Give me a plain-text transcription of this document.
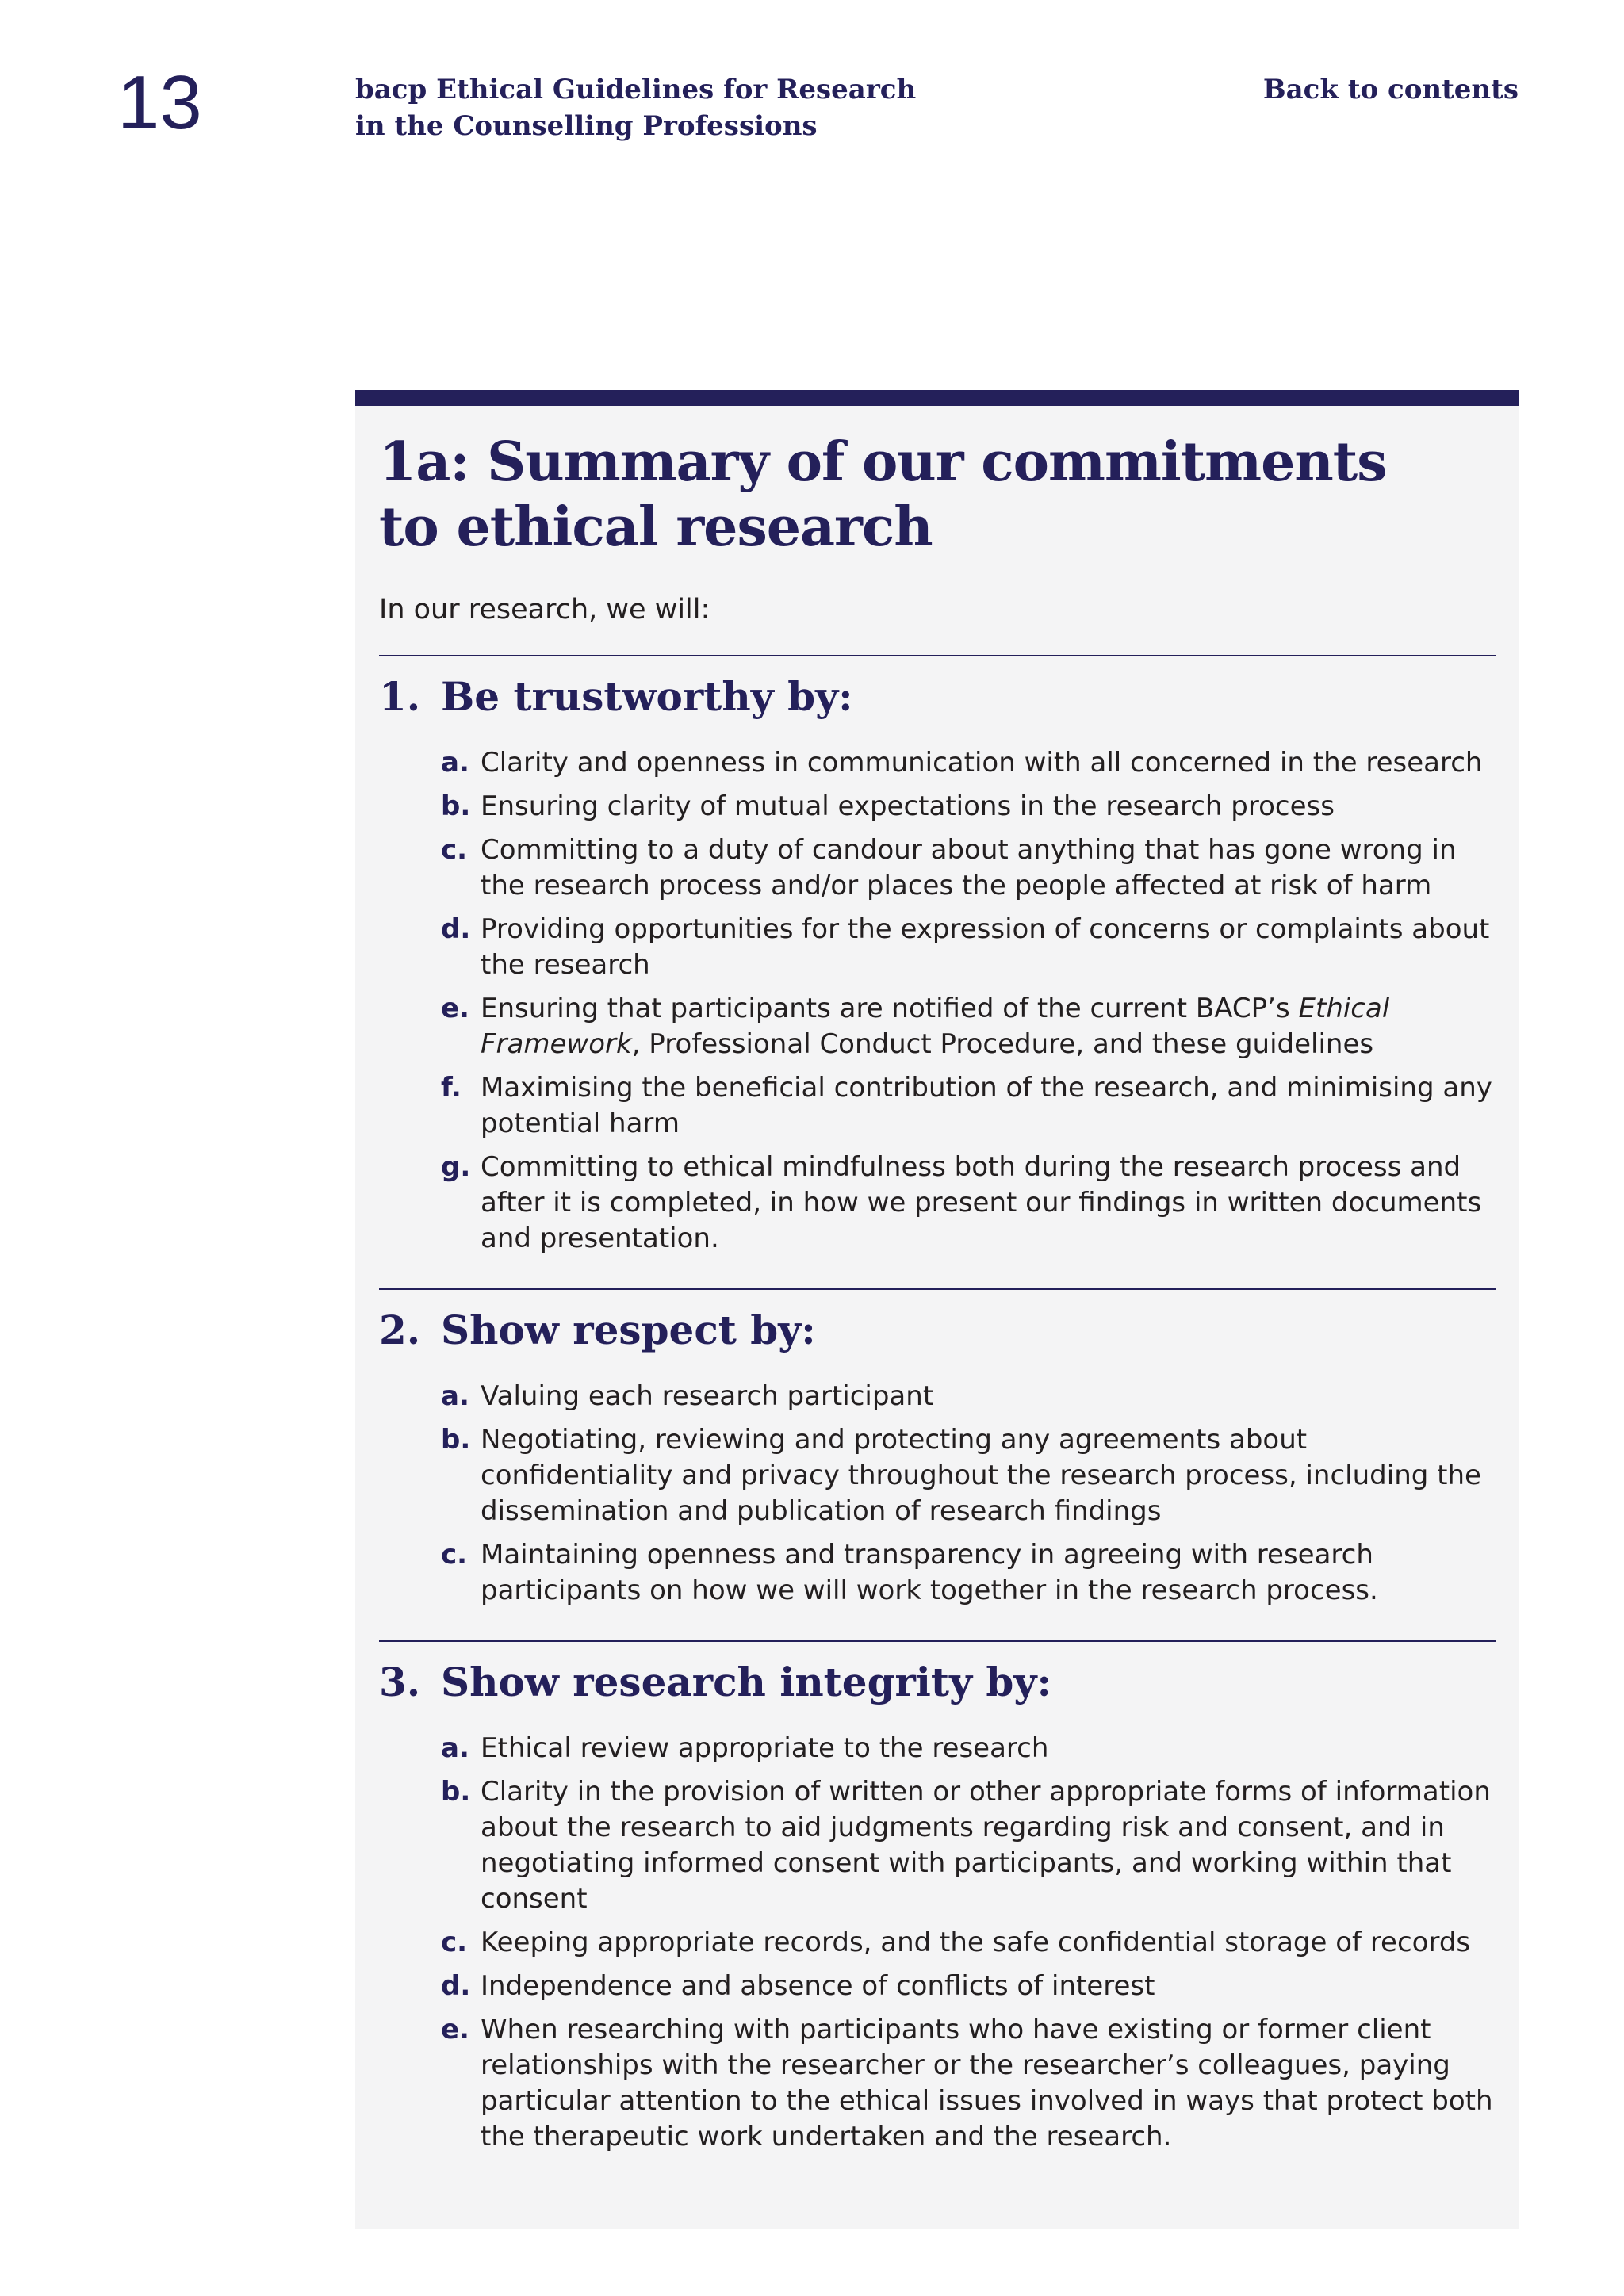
13	bacp Ethical Guidelines for Research
in the Counselling Professions
Back to contents
1a: Summary of our commitments
to ethical research

In our research, we will:

1. Be trustworthy by:
a. Clarity and openness in communication with all concerned in the research
b. Ensuring clarity of mutual expectations in the research process
c. Committing to a duty of candour about anything that has gone wrong in the research process and/or places the people affected at risk of harm
d. Providing opportunities for the expression of concerns or complaints about the research
e. Ensuring that participants are notified of the current BACP’s Ethical Framework, Professional Conduct Procedure, and these guidelines
f. Maximising the beneficial contribution of the research, and minimising any potential harm
g. Committing to ethical mindfulness both during the research process and after it is completed, in how we present our findings in written documents and presentation.
2. Show respect by:
a. Valuing each research participant
b. Negotiating, reviewing and protecting any agreements about confidentiality and privacy throughout the research process, including the dissemination and publication of research findings
c. Maintaining openness and transparency in agreeing with research participants on how we will work together in the research process.
3. Show research integrity by:
a. Ethical review appropriate to the research
b. Clarity in the provision of written or other appropriate forms of information about the research to aid judgments regarding risk and consent, and in negotiating informed consent with participants, and working within that consent
c. Keeping appropriate records, and the safe confidential storage of records
d. Independence and absence of conflicts of interest
e. When researching with participants who have existing or former client relationships with the researcher or the researcher’s colleagues, paying particular attention to the ethical issues involved in ways that protect both the therapeutic work undertaken and the research.
